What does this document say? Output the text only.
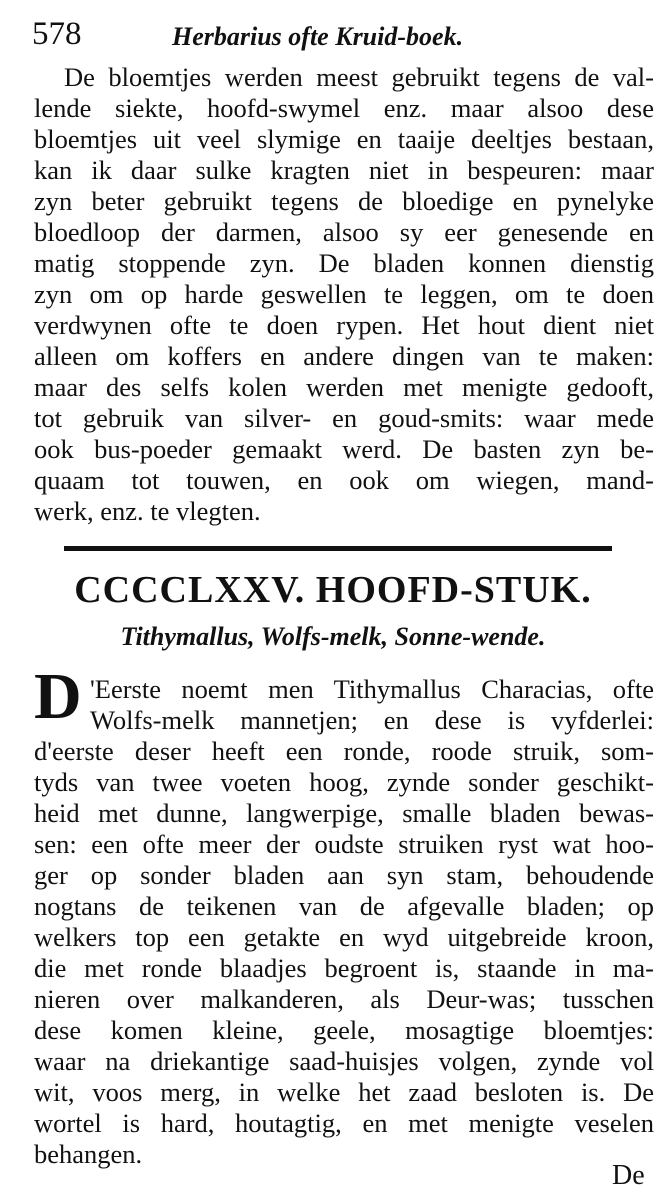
578	Herbarius ofte Kruid-boek.
De bloemtjes werden meest gebruikt tegens de val-
lende siekte, hoofd-swymel enz. maar alsoo dese
bloemtjes uit veel slymige en taaije deeltjes bestaan,
kan ik daar sulke kragten niet in bespeuren: maar
zyn beter gebruikt tegens de bloedige en pynelyke
bloedloop der darmen, alsoo sy eer genesende en
matig stoppende zyn. De bladen konnen dienstig
zyn om op harde geswellen te leggen, om te doen
verdwynen ofte te doen rypen. Het hout dient niet
alleen om koffers en andere dingen van te maken:
maar des selfs kolen werden met menigte gedooft,
tot gebruik van silver- en goud-smits: waar mede
ook bus-poeder gemaakt werd. De basten zyn be-
quaam tot touwen, en ook om wiegen, mand-
werk, enz. te vlegten.
CCCCLXXV. HOOFD-STUK.
Tithymallus, Wolfs-melk, Sonne-wende.
D 'Eerste noemt men Tithymallus Characias, ofte
Wolfs-melk mannetjen; en dese is vyfderlei:
d'eerste deser heeft een ronde, roode struik, som-
tyds van twee voeten hoog, zynde sonder geschikt-
heid met dunne, langwerpige, smalle bladen bewas-
sen: een ofte meer der oudste struiken ryst wat hoo-
ger op sonder bladen aan syn stam, behoudende
nogtans de teikenen van de afgevalle bladen; op
welkers top een getakte en wyd uitgebreide kroon,
die met ronde blaadjes begroent is, staande in ma-
nieren over malkanderen, als Deur-was; tusschen
dese komen kleine, geele, mosagtige bloemtjes:
waar na driekantige saad-huisjes volgen, zynde vol
wit, voos merg, in welke het zaad besloten is. De
wortel is hard, houtagtig, en met menigte veselen
behangen.
De
